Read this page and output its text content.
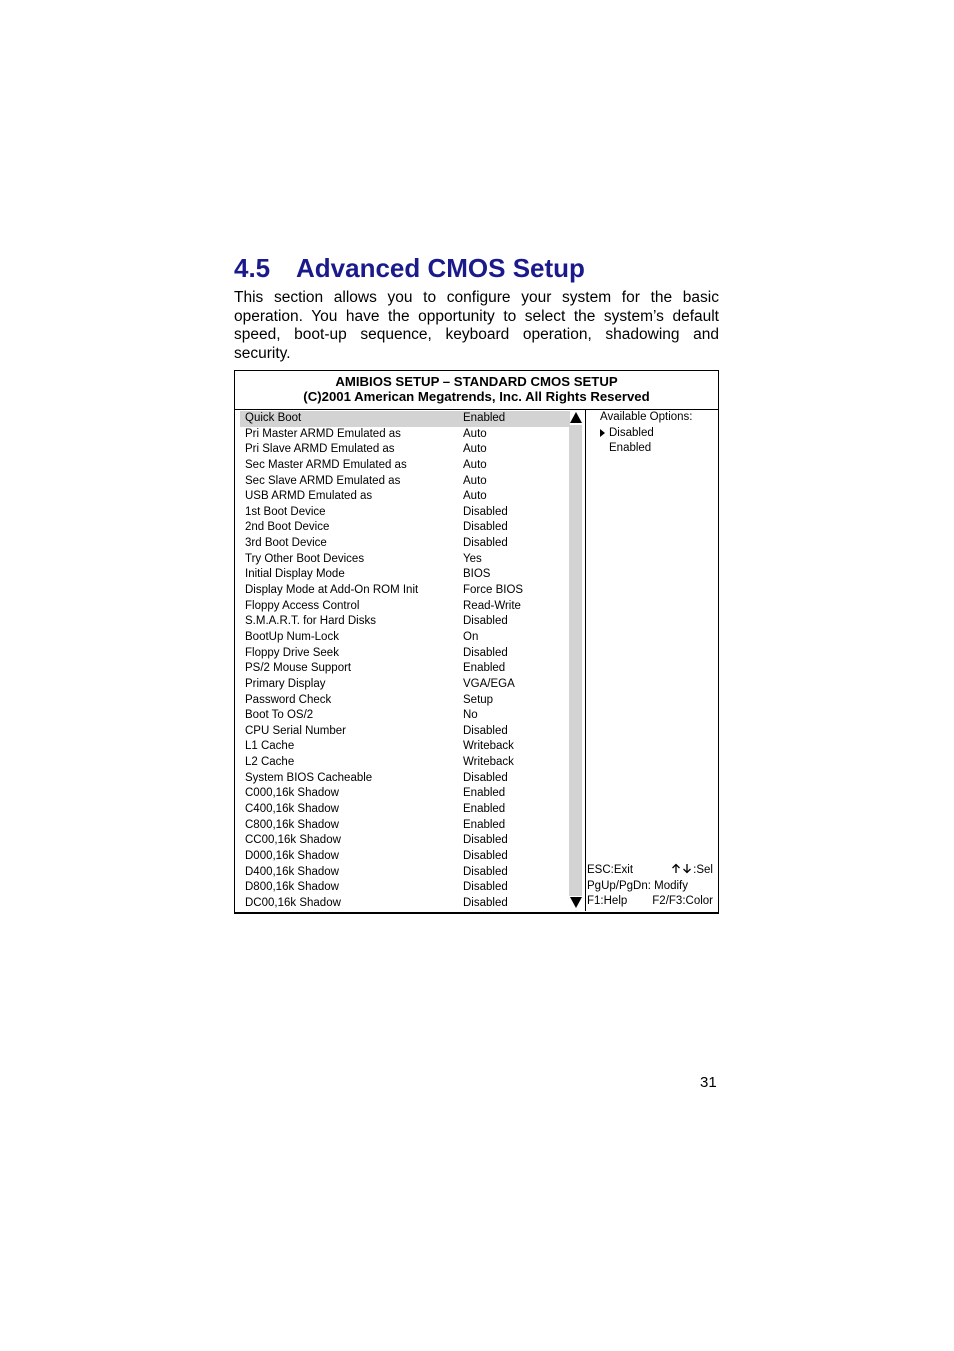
4.5 Advanced CMOS Setup

This section allows you to configure your system for the basic operation. You have the opportunity to select the system’s default speed, boot-up sequence, keyboard operation, shadowing and security.

AMIBIOS SETUP – STANDARD CMOS SETUP
(C)2001 American Megatrends, Inc. All Rights Reserved
Quick Boot	Enabled
Pri Master ARMD Emulated as	Auto
Pri Slave ARMD Emulated as	Auto
Sec Master ARMD Emulated as	Auto
Sec Slave ARMD Emulated as	Auto
USB ARMD Emulated as	Auto
1st Boot Device	Disabled
2nd Boot Device	Disabled
3rd Boot Device	Disabled
Try Other Boot Devices	Yes
Initial Display Mode	BIOS
Display Mode at Add-On ROM Init	Force BIOS
Floppy Access Control	Read-Write
S.M.A.R.T. for Hard Disks	Disabled
BootUp Num-Lock	On
Floppy Drive Seek	Disabled
PS/2 Mouse Support	Enabled
Primary Display	VGA/EGA
Password Check	Setup
Boot To OS/2	No
CPU Serial Number	Disabled
L1 Cache	Writeback
L2 Cache	Writeback
System BIOS Cacheable	Disabled
C000,16k Shadow	Enabled
C400,16k Shadow	Enabled
C800,16k Shadow	Enabled
CC00,16k Shadow	Disabled
D000,16k Shadow	Disabled
D400,16k Shadow	Disabled
D800,16k Shadow	Disabled
DC00,16k Shadow	Disabled
Available Options:
Disabled
Enabled
ESC:Exit	:Sel
PgUp/PgDn: Modify
F1:Help F2/F3:Color
31
